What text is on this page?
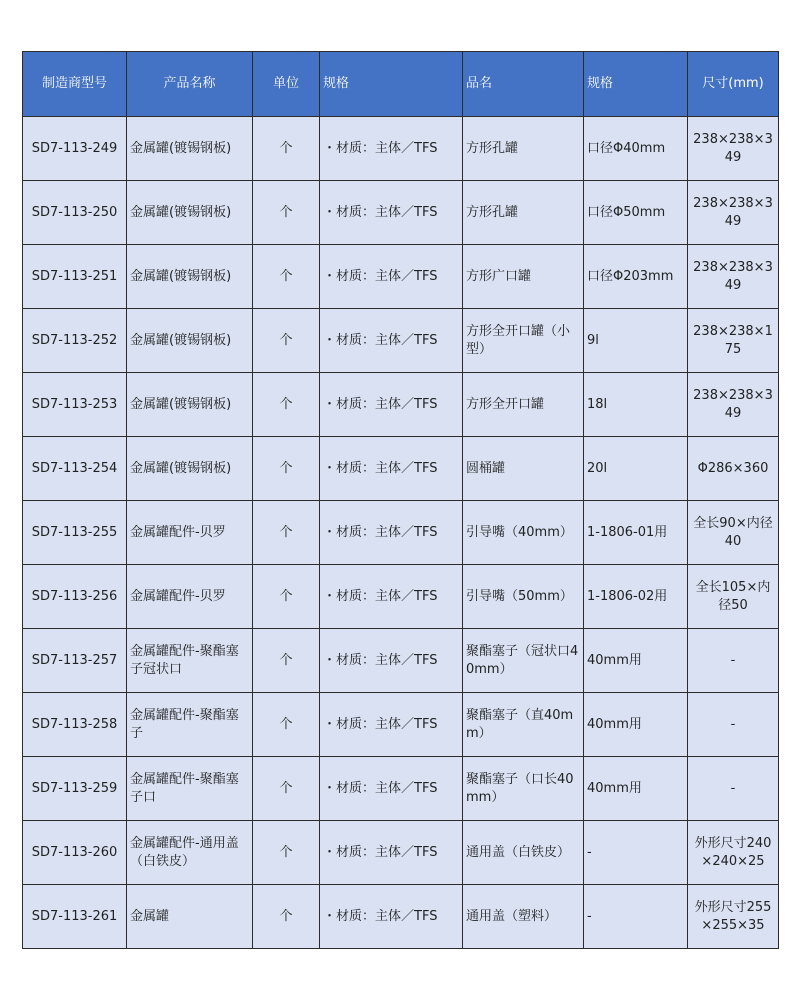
制造商型号	产品名称	单位	规格	品名	规格	尺寸(mm)
SD7-113-249	金属罐(镀锡钢板)	个	・材质：主体／TFS	方形孔罐	口径Φ40mm	238×238×349
SD7-113-250	金属罐(镀锡钢板)	个	・材质：主体／TFS	方形孔罐	口径Φ50mm	238×238×349
SD7-113-251	金属罐(镀锡钢板)	个	・材质：主体／TFS	方形广口罐	口径Φ203mm	238×238×349
SD7-113-252	金属罐(镀锡钢板)	个	・材质：主体／TFS	方形全开口罐（小型）	9l	238×238×175
SD7-113-253	金属罐(镀锡钢板)	个	・材质：主体／TFS	方形全开口罐	18l	238×238×349
SD7-113-254	金属罐(镀锡钢板)	个	・材质：主体／TFS	圆桶罐	20l	Φ286×360
SD7-113-255	金属罐配件-贝罗	个	・材质：主体／TFS	引导嘴（40mm）	1-1806-01用	全长90×内径40
SD7-113-256	金属罐配件-贝罗	个	・材质：主体／TFS	引导嘴（50mm）	1-1806-02用	全长105×内径50
SD7-113-257	金属罐配件-聚酯塞子冠状口	个	・材质：主体／TFS	聚酯塞子（冠状口40mm）	40mm用	-
SD7-113-258	金属罐配件-聚酯塞子	个	・材质：主体／TFS	聚酯塞子（直40mm）	40mm用	-
SD7-113-259	金属罐配件-聚酯塞子口	个	・材质：主体／TFS	聚酯塞子（口长40mm）	40mm用	-
SD7-113-260	金属罐配件-通用盖（白铁皮）	个	・材质：主体／TFS	通用盖（白铁皮）	-	外形尺寸240×240×25
SD7-113-261	金属罐	个	・材质：主体／TFS	通用盖（塑料）	-	外形尺寸255×255×35
